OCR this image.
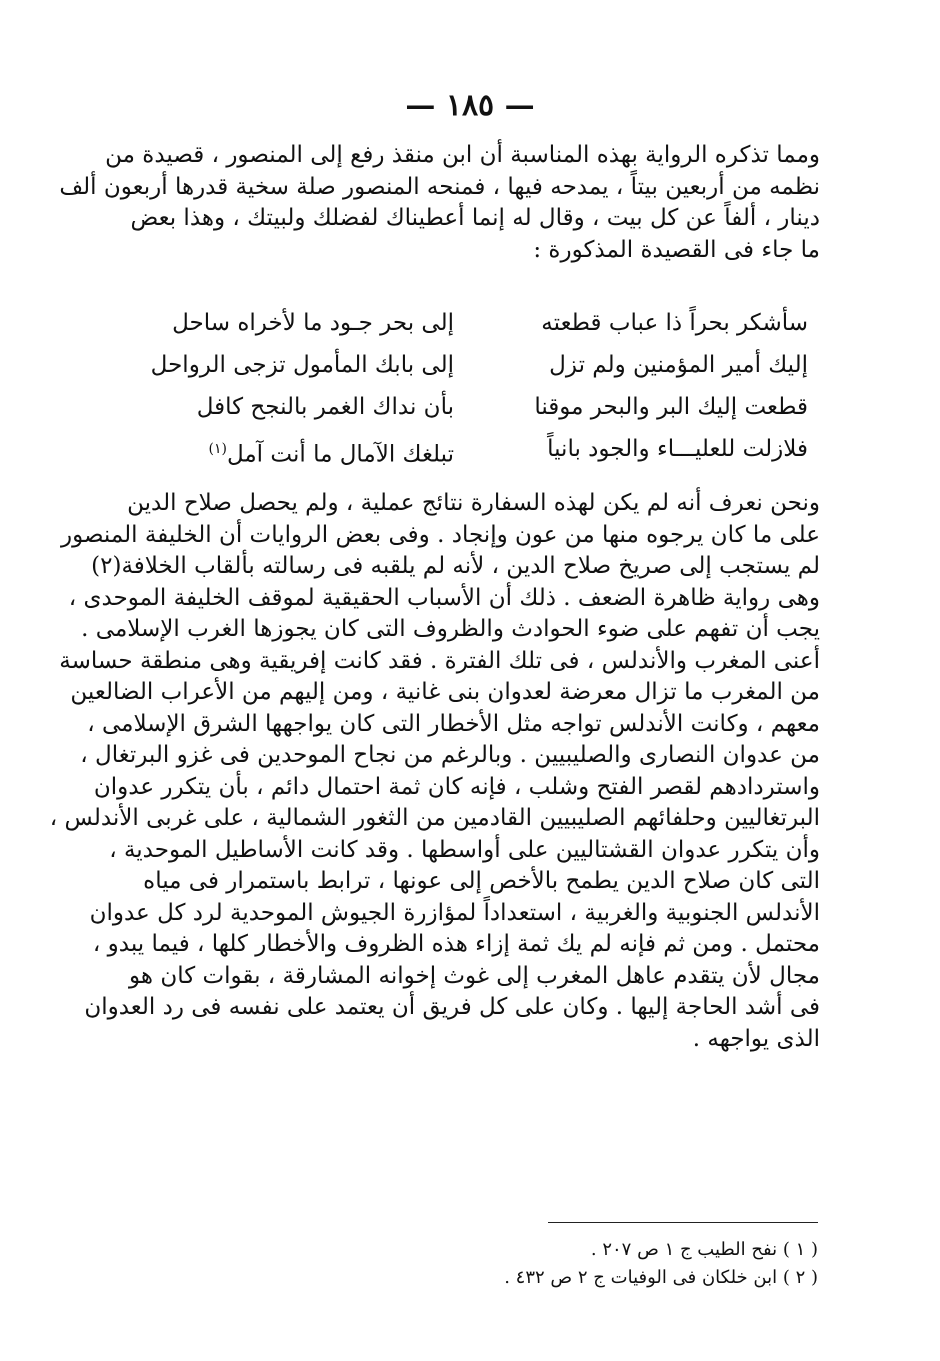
— ١٨٥ —
ومما تذكره الرواية بهذه المناسبة أن ابن منقذ رفع إلى المنصور ، قصيدة من
نظمه من أربعين بيتاً ، يمدحه فيها ، فمنحه المنصور صلة سخية قدرها أربعون ألف
دينار ، ألفاً عن كل بيت ، وقال له إنما أعطيناك لفضلك ولبيتك ، وهذا بعض
ما جاء فى القصيدة المذكورة :
سأشكر بحراً ذا عباب قطعته
إلى بحر جـود ما لأخراه ساحل
إليك أمير المؤمنين ولم تزل
إلى بابك المأمول تزجى الرواحل
قطعت إليك البر والبحر موقنا
بأن نداك الغمر بالنجح كافل
فلازلت للعليـــاء والجود بانياً
تبلغك الآمال ما أنت آمل$^{(١)}$
ونحن نعرف أنه لم يكن لهذه السفارة نتائج عملية ، ولم يحصل صلاح الدين
على ما كان يرجوه منها من عون وإنجاد . وفى بعض الروايات أن الخليفة المنصور
لم يستجب إلى صريخ صلاح الدين ، لأنه لم يلقبه فى رسالته بألقاب الخلافة(٢)
وهى رواية ظاهرة الضعف . ذلك أن الأسباب الحقيقية لموقف الخليفة الموحدى ،
يجب أن تفهم على ضوء الحوادث والظروف التى كان يجوزها الغرب الإسلامى .
أعنى المغرب والأندلس ، فى تلك الفترة . فقد كانت إفريقية وهى منطقة حساسة
من المغرب ما تزال معرضة لعدوان بنى غانية ، ومن إليهم من الأعراب الضالعين
معهم ، وكانت الأندلس تواجه مثل الأخطار التى كان يواجهها الشرق الإسلامى ،
من عدوان النصارى والصليبيين . وبالرغم من نجاح الموحدين فى غزو البرتغال ،
واستردادهم لقصر الفتح وشلب ، فإنه كان ثمة احتمال دائم ، بأن يتكرر عدوان
البرتغاليين وحلفائهم الصليبيين القادمين من الثغور الشمالية ، على غربى الأندلس ،
وأن يتكرر عدوان القشتاليين على أواسطها . وقد كانت الأساطيل الموحدية ،
التى كان صلاح الدين يطمح بالأخص إلى عونها ، ترابط باستمرار فى مياه
الأندلس الجنوبية والغربية ، استعداداً لمؤازرة الجيوش الموحدية لرد كل عدوان
محتمل . ومن ثم فإنه لم يك ثمة إزاء هذه الظروف والأخطار كلها ، فيما يبدو ،
مجال لأن يتقدم عاهل المغرب إلى غوث إخوانه المشارقة ، بقوات كان هو
فى أشد الحاجة إليها . وكان على كل فريق أن يعتمد على نفسه فى رد العدوان
الذى يواجهه .
( ١ ) نفح الطيب ج ١ ص ٢٠٧ .
( ٢ ) ابن خلكان فى الوفيات ج ٢ ص ٤٣٢ .
